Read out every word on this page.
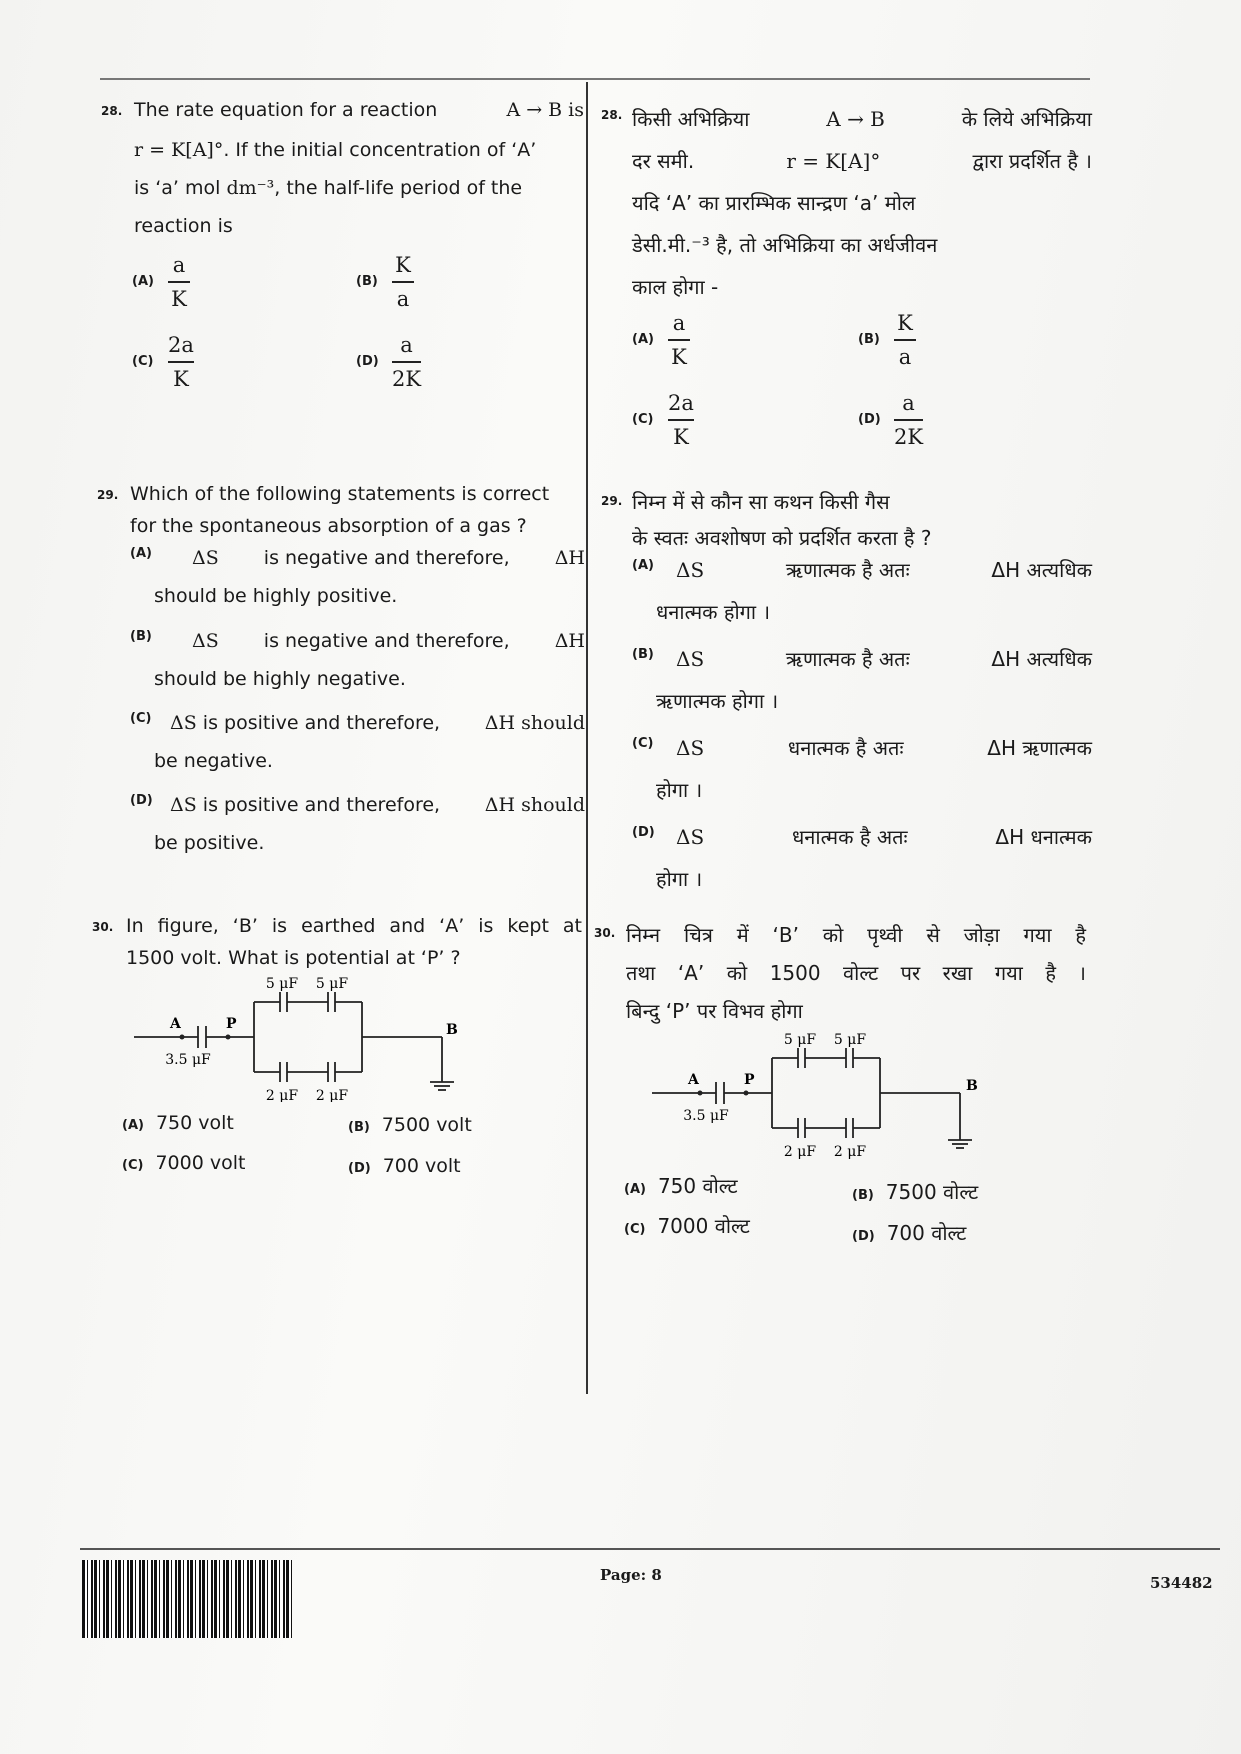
28. The rate equation for a reaction	A → B is
r = K[A]°. If the initial concentration of ‘A’
is ‘a’ mol dm⁻³, the half-life period of the
reaction is
$(A) \frac{a}{K}$	$(B) \frac{K}{a}$
$(C) \frac{2a}{K}$	$(D) \frac{a}{2K}$
28. किसी अभिक्रिया	A → B	के लिये अभिक्रिया
दर समी.	r = K[A]°	द्वारा प्रदर्शित है ।
यदि ‘A’ का प्रारम्भिक सान्द्रण ‘a’ मोल
डेसी.मी.⁻³ है, तो अभिक्रिया का अर्धजीवन
काल होगा -
$(A) \frac{a}{K}$	$(B) \frac{K}{a}$
$(C) \frac{2a}{K}$	$(D) \frac{a}{2K}$
29. Which of the following statements is correct
for the spontaneous absorption of a gas ?
(A) ΔS is negative and therefore, ΔH
should be highly positive.
(B) ΔS is negative and therefore, ΔH
should be highly negative.
(C) ΔS is positive and therefore, ΔH should
be negative.
(D) ΔS is positive and therefore, ΔH should
be positive.
29. निम्न में से कौन सा कथन किसी गैस
के स्वतः अवशोषण को प्रदर्शित करता है ?
(A) ΔS	ऋणात्मक है अतः	ΔH अत्यधिक
धनात्मक होगा ।
(B) ΔS	ऋणात्मक है अतः	ΔH अत्यधिक
ऋणात्मक होगा ।
(C) ΔS	धनात्मक है अतः	ΔH ऋणात्मक
होगा ।
(D) ΔS	धनात्मक है अतः	ΔH धनात्मक
होगा ।
30. In figure, ‘B’ is earthed and ‘A’ is kept at
1500 volt. What is potential at ‘P’ ?
A	P	B
3.5 μF
5 μF 5 μF
2 μF 2 μF
(A) 750 volt	(B) 7500 volt
(C) 7000 volt	(D) 700 volt
30. निम्न चित्र में ‘B’ को पृथ्वी से जोड़ा गया है
तथा ‘A’ को 1500 वोल्ट पर रखा गया है ।
बिन्दु ‘P’ पर विभव होगा
A	P	B
3.5 μF
5 μF 5 μF
2 μF 2 μF
(A) 750 वोल्ट	(B) 7500 वोल्ट
(C) 7000 वोल्ट	(D) 700 वोल्ट
Page: 8	534482
